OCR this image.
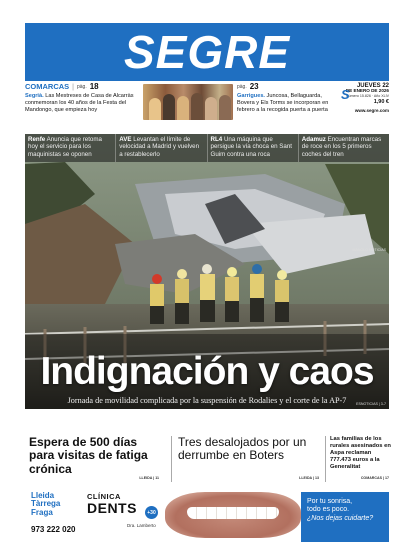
SEGRE
COMARCAS | pàg. 18
Segrià. Las Mestreses de Casa de Alcarràs conmemoran los 40 años de la Festa del Mandongo, que empieza hoy
pàg. 23
Garrigues. Juncosa, Bellaguarda, Bovera y Els Torms se incorporan en febrero a la recogida puerta a puerta
S
JUEVES 22
DE ENERO DE 2026
Número 15.826 · Año XLIV
1,90 €
www.segre.com
Renfe Anuncia que retoma hoy el servicio para los maquinistas se oponen
AVE Levantan el límite de velocidad a Madrid y vuelven a restablecerlo
RL4 Una máquina que persigue la vía choca en Sant Guim contra una roca
Adamuz Encuentran marcas de roce en los 5 primeros coches del tren
MANOLO NOTICIAS
Indignación y caos
Jornada de movilidad complicada por la suspensión de Rodalies y el corte de la AP-7	ESNOTICIAS | 3-7
Espera de 500 días para visitas de fatiga crónica
LLEIDA | 11
Tres desalojados por un derrumbe en Boters
LLEIDA | 13
Las familias de los rurales asesinados en Aspa reclaman 777.473 euros a la Generalitat
COMARCAS | 17
Lleida
Tàrrega
Fraga
973 222 020
CLÍNICA
DENTS	+30
Dra. Lamberto
Por tu sonrisa,
todo es poco.
¿Nos dejas cuidarte?
